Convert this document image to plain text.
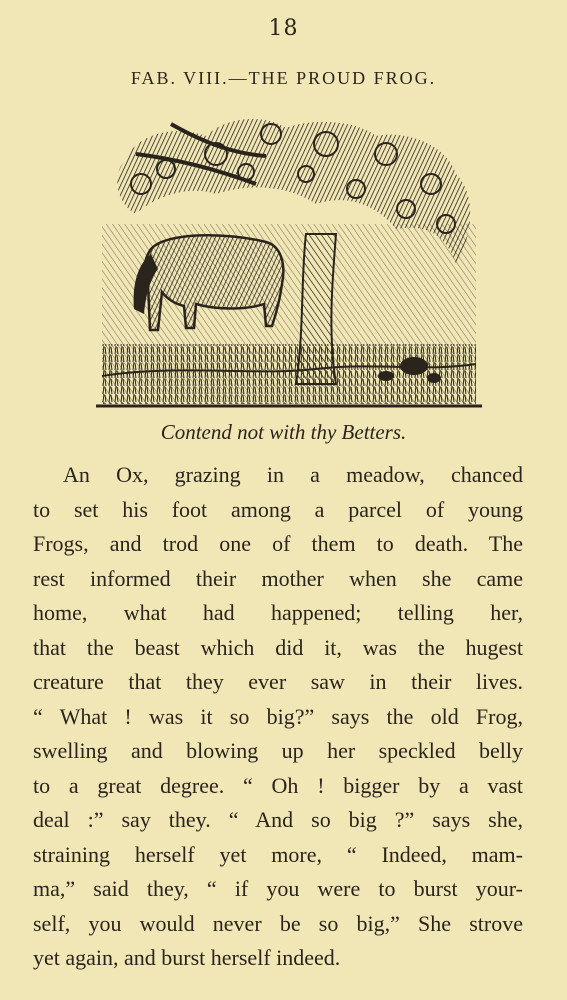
18
FAB. VIII.—THE PROUD FROG.
Contend not with thy Betters.
An Ox, grazing in a meadow, chanced
to set his foot among a parcel of young
Frogs, and trod one of them to death. The
rest informed their mother when she came
home, what had happened; telling her,
that the beast which did it, was the hugest
creature that they ever saw in their lives.
“ What ! was it so big?” says the old Frog,
swelling and blowing up her speckled belly
to a great degree. “ Oh ! bigger by a vast
deal :” say they. “ And so big ?” says she,
straining herself yet more, “ Indeed, mam-
ma,” said they, “ if you were to burst your-
self, you would never be so big,” She strove
yet again, and burst herself indeed.
